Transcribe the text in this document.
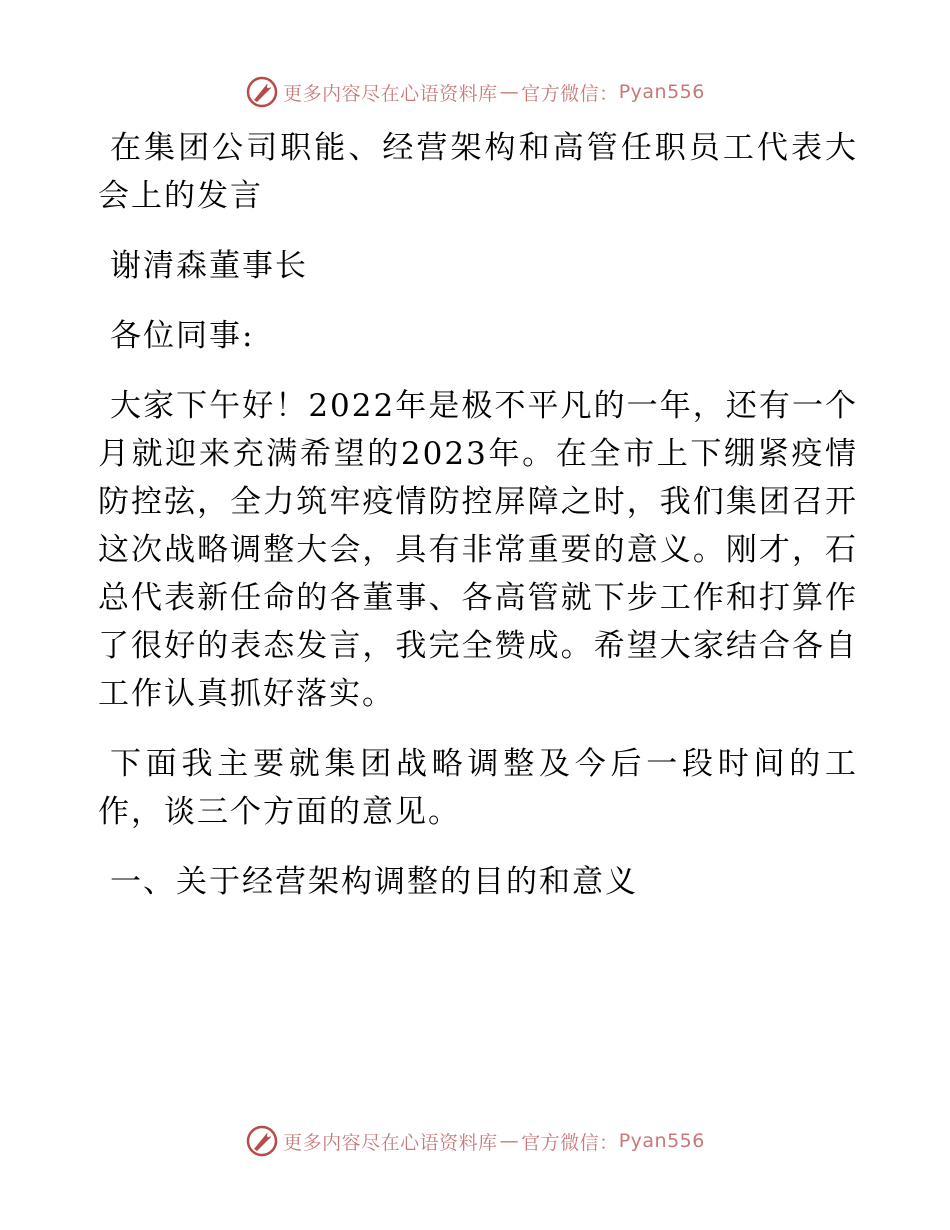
更多内容尽在心语资料库 — 官方微信： Pyan556

在集团公司职能、经营架构和高管任职员工代表大会上的发言

谢清森董事长

各位同事:

大家下午好！2022年是极不平凡的一年，还有一个月就迎来充满希望的2023年。在全市上下绷紧疫情防控弦，全力筑牢疫情防控屏障之时，我们集团召开这次战略调整大会，具有非常重要的意义。刚才，石总代表新任命的各董事、各高管就下步工作和打算作了很好的表态发言，我完全赞成。希望大家结合各自工作认真抓好落实。

下面我主要就集团战略调整及今后一段时间的工作，谈三个方面的意见。

一、关于经营架构调整的目的和意义

更多内容尽在心语资料库 — 官方微信： Pyan556
